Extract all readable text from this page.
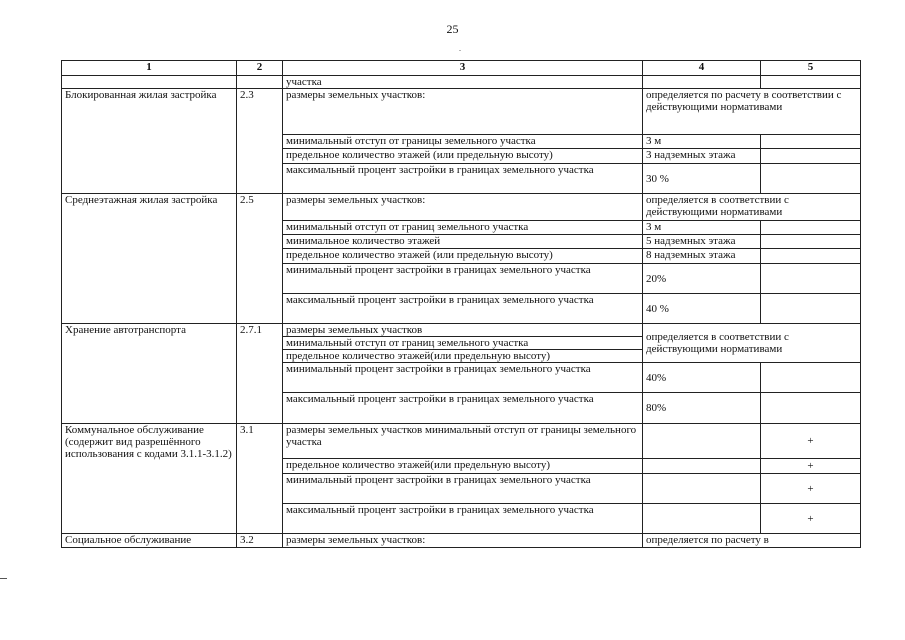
25
.
1	2	3	4	5
		участка		
Блокированная жилая застройка	2.3	размеры земельных участков:	определяется по расчету в соответствии с действующими нормативами	
		минимальный отступ от границы земельного участка	3 м	
		предельное количество этажей (или предельную высоту)	3 надземных этажа	
		максимальный процент застройки в границах земельного участка	30 %	
Среднеэтажная жилая застройка	2.5	размеры земельных участков:	определяется в соответствии с действующими нормативами	
		минимальный отступ от границ земельного участка	3 м	
		минимальное количество этажей	5 надземных этажа	
		предельное количество этажей (или предельную высоту)	8 надземных этажа	
		минимальный процент застройки в границах земельного участка	20%	
		максимальный процент застройки в границах земельного участка	40 %	
Хранение автотранспорта	2.7.1	размеры земельных участков	определяется в соответствии с действующими нормативами	
		минимальный отступ от границ земельного участка		
		предельное количество этажей(или предельную высоту)		
		минимальный процент застройки в границах земельного участка	40%	
		максимальный процент застройки в границах земельного участка	80%	
Коммунальное обслуживание (содержит вид разрешённого использования с кодами 3.1.1-3.1.2)	3.1	размеры земельных участков минимальный отступ от границы земельного участка		+
		предельное количество этажей(или предельную высоту)		+
		минимальный процент застройки в границах земельного участка		+
		максимальный процент застройки в границах земельного участка		+
Социальное обслуживание	3.2	размеры земельных участков:	определяется по расчету в	
